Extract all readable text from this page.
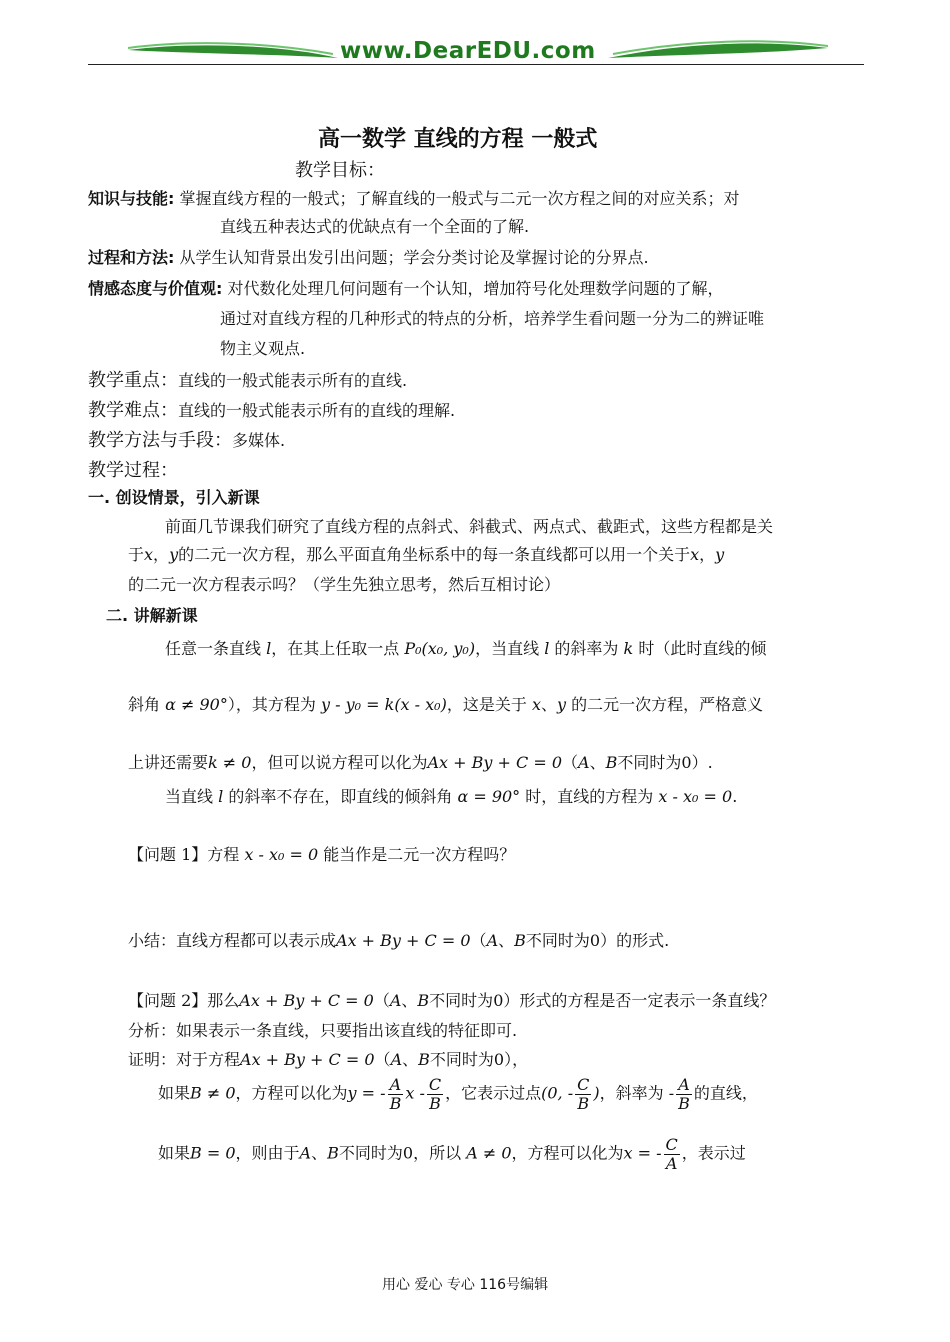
www.DearEDU.com
高一数学 直线的方程 一般式
教学目标：
知识与技能: 掌握直线方程的一般式；了解直线的一般式与二元一次方程之间的对应关系；对
直线五种表达式的优缺点有一个全面的了解.
过程和方法: 从学生认知背景出发引出问题；学会分类讨论及掌握讨论的分界点.
情感态度与价值观: 对代数化处理几何问题有一个认知，增加符号化处理数学问题的了解，
通过对直线方程的几种形式的特点的分析，培养学生看问题一分为二的辨证唯
物主义观点.
教学重点：直线的一般式能表示所有的直线.
教学难点：直线的一般式能表示所有的直线的理解.
教学方法与手段：多媒体.
教学过程：
一. 创设情景，引入新课
前面几节课我们研究了直线方程的点斜式、斜截式、两点式、截距式，这些方程都是关
于x，y的二元一次方程，那么平面直角坐标系中的每一条直线都可以用一个关于x，y
的二元一次方程表示吗？（学生先独立思考，然后互相讨论）
二. 讲解新课
任意一条直线 l，在其上任取一点 P₀(x₀, y₀)，当直线 l 的斜率为 k 时（此时直线的倾
斜角 α ≠ 90°），其方程为 y - y₀ = k(x - x₀)，这是关于 x、y 的二元一次方程，严格意义
上讲还需要k ≠ 0，但可以说方程可以化为Ax + By + C = 0（A、B不同时为0）.
当直线 l 的斜率不存在，即直线的倾斜角 α = 90° 时，直线的方程为 x - x₀ = 0.
【问题 1】方程 x - x₀ = 0 能当作是二元一次方程吗？
小结：直线方程都可以表示成Ax + By + C = 0（A、B不同时为0）的形式.
【问题 2】那么Ax + By + C = 0（A、B不同时为0）形式的方程是否一定表示一条直线？
分析：如果表示一条直线，只要指出该直线的特征即可.
证明：对于方程Ax + By + C = 0（A、B不同时为0），
如果B ≠ 0，方程可以化为y = - $\frac{A}{B}$ x - $\frac{C}{B}$ ，它表示过点(0, - $\frac{C}{B}$ )，斜率为 - $\frac{A}{B}$ 的直线，
如果B = 0，则由于A、B不同时为0，所以 A ≠ 0，方程可以化为x = - $\frac{C}{A}$ ，表示过
用心 爱心 专心 116号编辑
